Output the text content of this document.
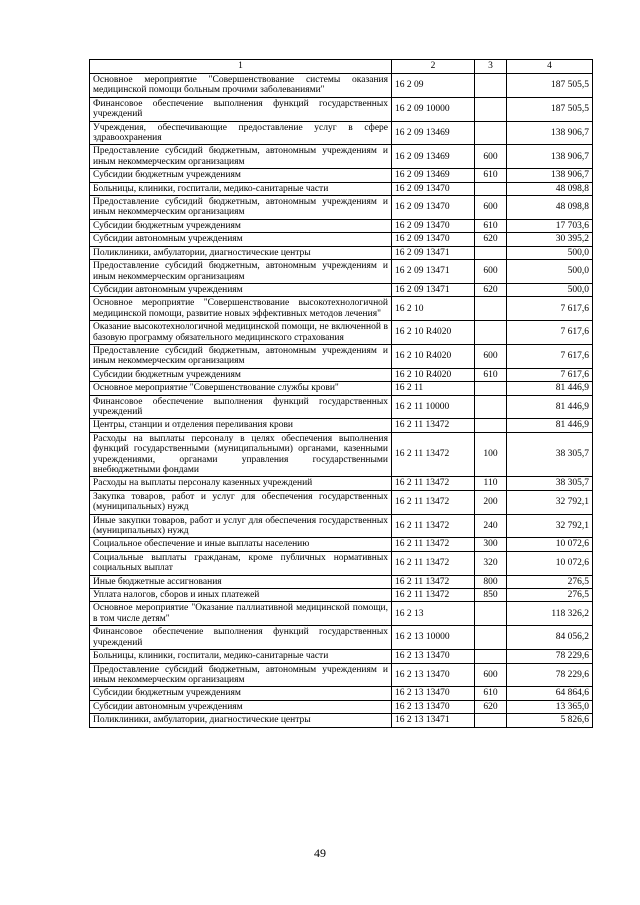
1	2	3	4
Основное мероприятие "Совершенствование системы оказания медицинской помощи больным прочими заболеваниями"	16 2 09		187 505,5
Финансовое обеспечение выполнения функций государственных учреждений	16 2 09 10000		187 505,5
Учреждения, обеспечивающие предоставление услуг в сфере здравоохранения	16 2 09 13469		138 906,7
Предоставление субсидий бюджетным, автономным учреждениям и иным некоммерческим организациям	16 2 09 13469	600	138 906,7
Субсидии бюджетным учреждениям	16 2 09 13469	610	138 906,7
Больницы, клиники, госпитали, медико-санитарные части	16 2 09 13470		48 098,8
Предоставление субсидий бюджетным, автономным учреждениям и иным некоммерческим организациям	16 2 09 13470	600	48 098,8
Субсидии бюджетным учреждениям	16 2 09 13470	610	17 703,6
Субсидии автономным учреждениям	16 2 09 13470	620	30 395,2
Поликлиники, амбулатории, диагностические центры	16 2 09 13471		500,0
Предоставление субсидий бюджетным, автономным учреждениям и иным некоммерческим организациям	16 2 09 13471	600	500,0
Субсидии автономным учреждениям	16 2 09 13471	620	500,0
Основное мероприятие "Совершенствование высокотехнологичной медицинской помощи, развитие новых эффективных методов лечения"	16 2 10		7 617,6
Оказание высокотехнологичной медицинской помощи, не включенной в базовую программу обязательного медицинского страхования	16 2 10 R4020		7 617,6
Предоставление субсидий бюджетным, автономным учреждениям и иным некоммерческим организациям	16 2 10 R4020	600	7 617,6
Субсидии бюджетным учреждениям	16 2 10 R4020	610	7 617,6
Основное мероприятие "Совершенствование службы крови"	16 2 11		81 446,9
Финансовое обеспечение выполнения функций государственных учреждений	16 2 11 10000		81 446,9
Центры, станции и отделения переливания крови	16 2 11 13472		81 446,9
Расходы на выплаты персоналу в целях обеспечения выполнения функций государственными (муниципальными) органами, казенными учреждениями, органами управления государственными внебюджетными фондами	16 2 11 13472	100	38 305,7
Расходы на выплаты персоналу казенных учреждений	16 2 11 13472	110	38 305,7
Закупка товаров, работ и услуг для обеспечения государственных (муниципальных) нужд	16 2 11 13472	200	32 792,1
Иные закупки товаров, работ и услуг для обеспечения государственных (муниципальных) нужд	16 2 11 13472	240	32 792,1
Социальное обеспечение и иные выплаты населению	16 2 11 13472	300	10 072,6
Социальные выплаты гражданам, кроме публичных нормативных социальных выплат	16 2 11 13472	320	10 072,6
Иные бюджетные ассигнования	16 2 11 13472	800	276,5
Уплата налогов, сборов и иных платежей	16 2 11 13472	850	276,5
Основное мероприятие "Оказание паллиативной медицинской помощи, в том числе детям"	16 2 13		118 326,2
Финансовое обеспечение выполнения функций государственных учреждений	16 2 13 10000		84 056,2
Больницы, клиники, госпитали, медико-санитарные части	16 2 13 13470		78 229,6
Предоставление субсидий бюджетным, автономным учреждениям и иным некоммерческим организациям	16 2 13 13470	600	78 229,6
Субсидии бюджетным учреждениям	16 2 13 13470	610	64 864,6
Субсидии автономным учреждениям	16 2 13 13470	620	13 365,0
Поликлиники, амбулатории, диагностические центры	16 2 13 13471		5 826,6
49
